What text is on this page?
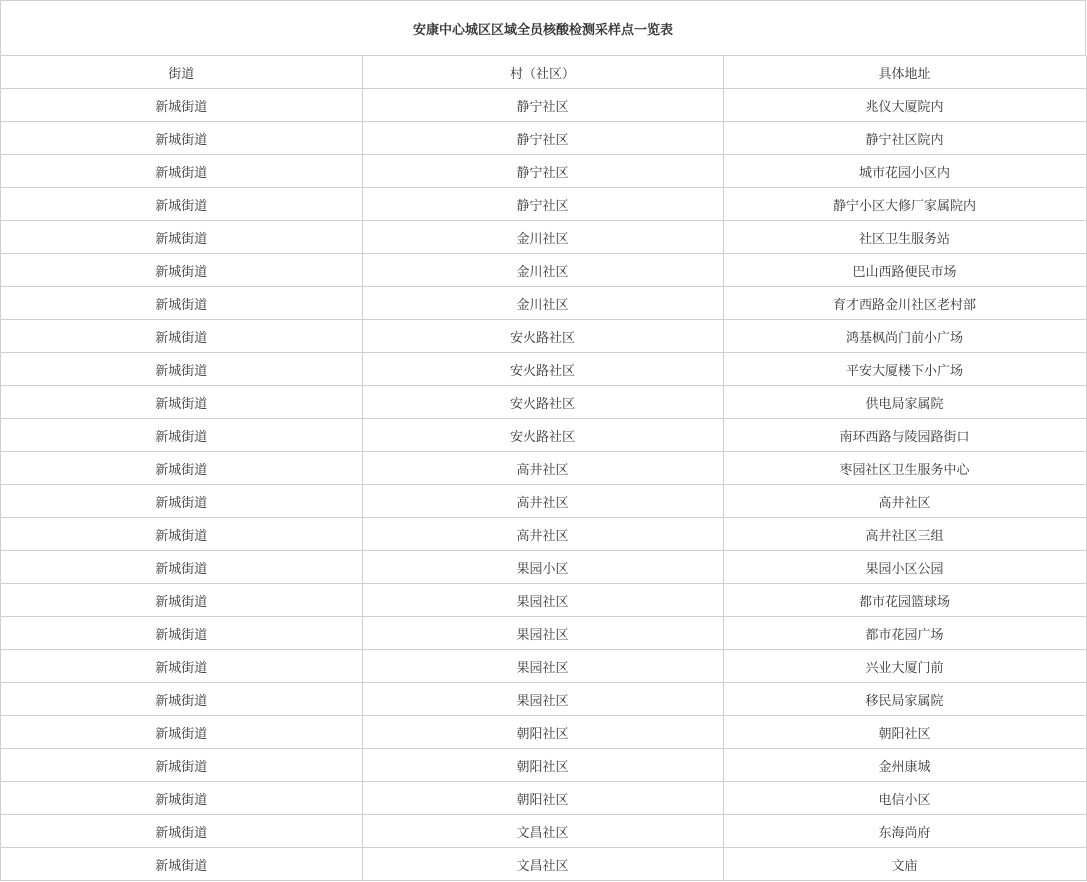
安康中心城区区域全员核酸检测采样点一览表
街道	村（社区）	具体地址
新城街道	静宁社区	兆仪大厦院内
新城街道	静宁社区	静宁社区院内
新城街道	静宁社区	城市花园小区内
新城街道	静宁社区	静宁小区大修厂家属院内
新城街道	金川社区	社区卫生服务站
新城街道	金川社区	巴山西路便民市场
新城街道	金川社区	育才西路金川社区老村部
新城街道	安火路社区	鸿基枫尚门前小广场
新城街道	安火路社区	平安大厦楼下小广场
新城街道	安火路社区	供电局家属院
新城街道	安火路社区	南环西路与陵园路街口
新城街道	高井社区	枣园社区卫生服务中心
新城街道	高井社区	高井社区
新城街道	高井社区	高井社区三组
新城街道	果园小区	果园小区公园
新城街道	果园社区	都市花园篮球场
新城街道	果园社区	都市花园广场
新城街道	果园社区	兴业大厦门前
新城街道	果园社区	移民局家属院
新城街道	朝阳社区	朝阳社区
新城街道	朝阳社区	金州康城
新城街道	朝阳社区	电信小区
新城街道	文昌社区	东海尚府
新城街道	文昌社区	文庙
